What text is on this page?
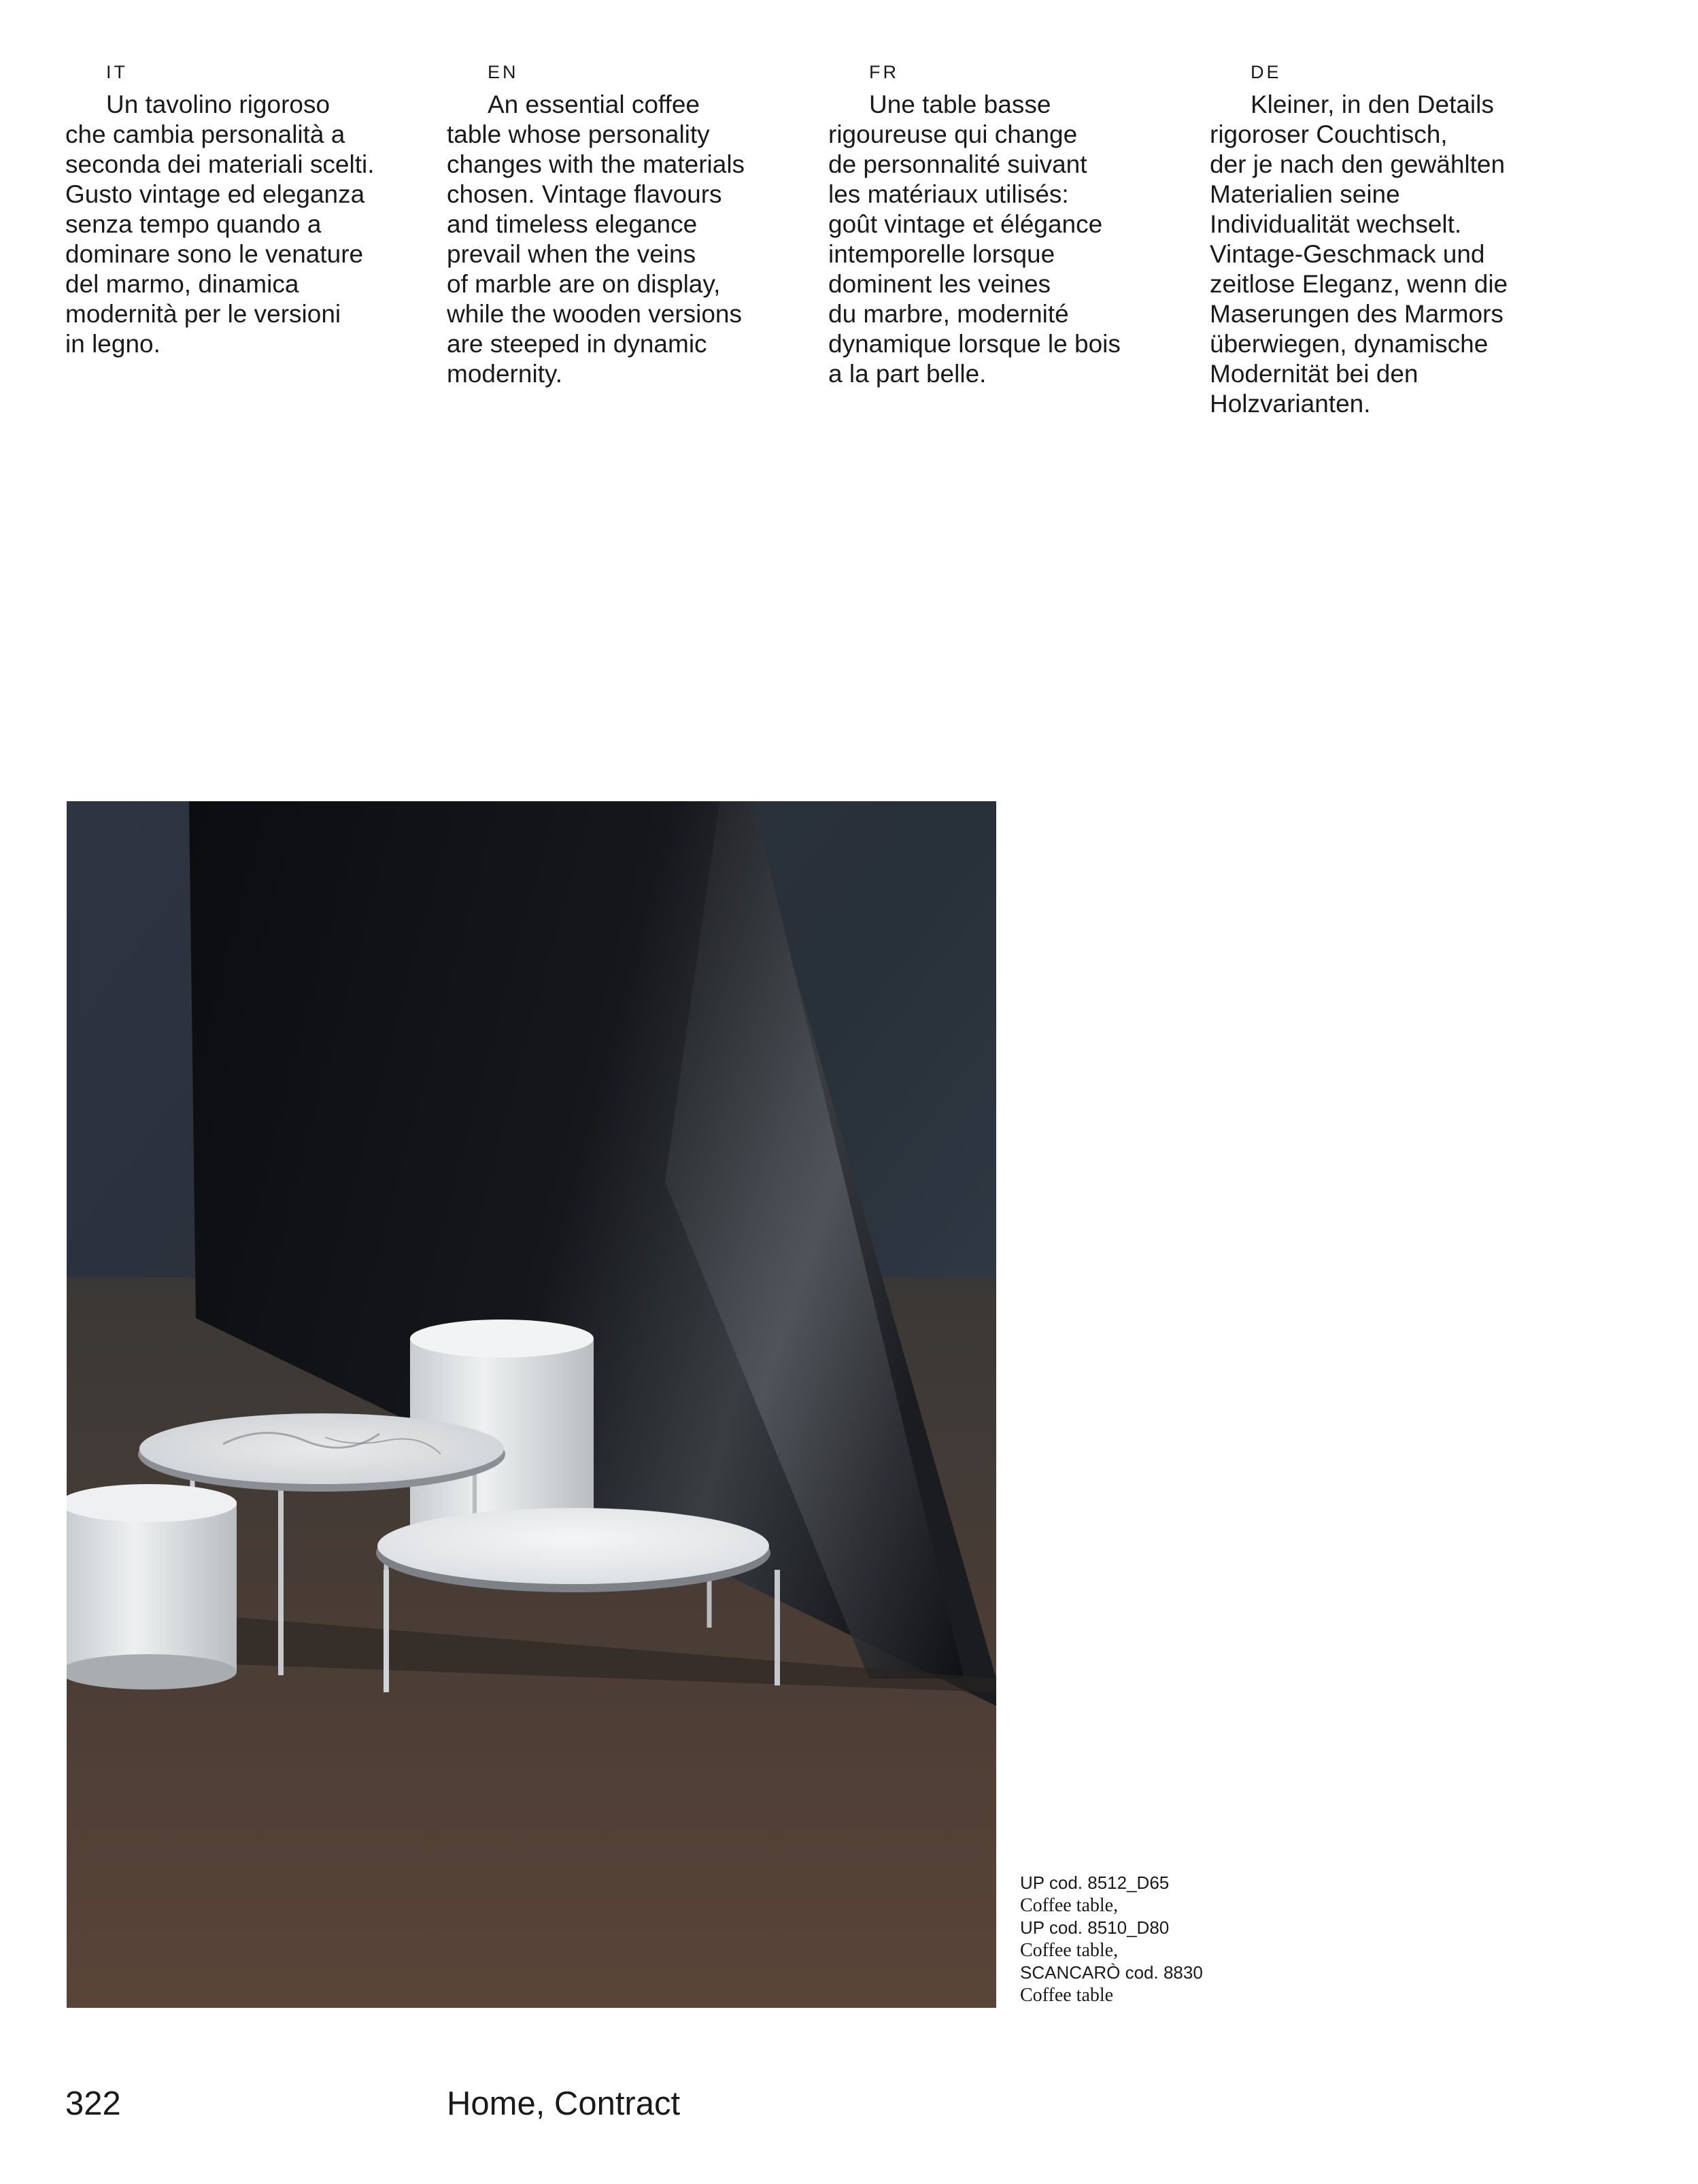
IT

Un tavolino rigoroso
che cambia personalità a
seconda dei materiali scelti.
Gusto vintage ed eleganza
senza tempo quando a
dominare sono le venature
del marmo, dinamica
modernità per le versioni
in legno.

EN

An essential coffee
table whose personality
changes with the materials
chosen. Vintage flavours
and timeless elegance
prevail when the veins
of marble are on display,
while the wooden versions
are steeped in dynamic
modernity.

FR

Une table basse
rigoureuse qui change
de personnalité suivant
les matériaux utilisés:
goût vintage et élégance
intemporelle lorsque
dominent les veines
du marbre, modernité
dynamique lorsque le bois
a la part belle.

DE

Kleiner, in den Details
rigoroser Couchtisch,
der je nach den gewählten
Materialien seine
Individualität wechselt.
Vintage-Geschmack und
zeitlose Eleganz, wenn die
Maserungen des Marmors
überwiegen, dynamische
Modernität bei den
Holzvarianten.

UP cod. 8512_D65
Coffee table,
UP cod. 8510_D80
Coffee table,
SCANCARÒ cod. 8830
Coffee table
322	Home, Contract
